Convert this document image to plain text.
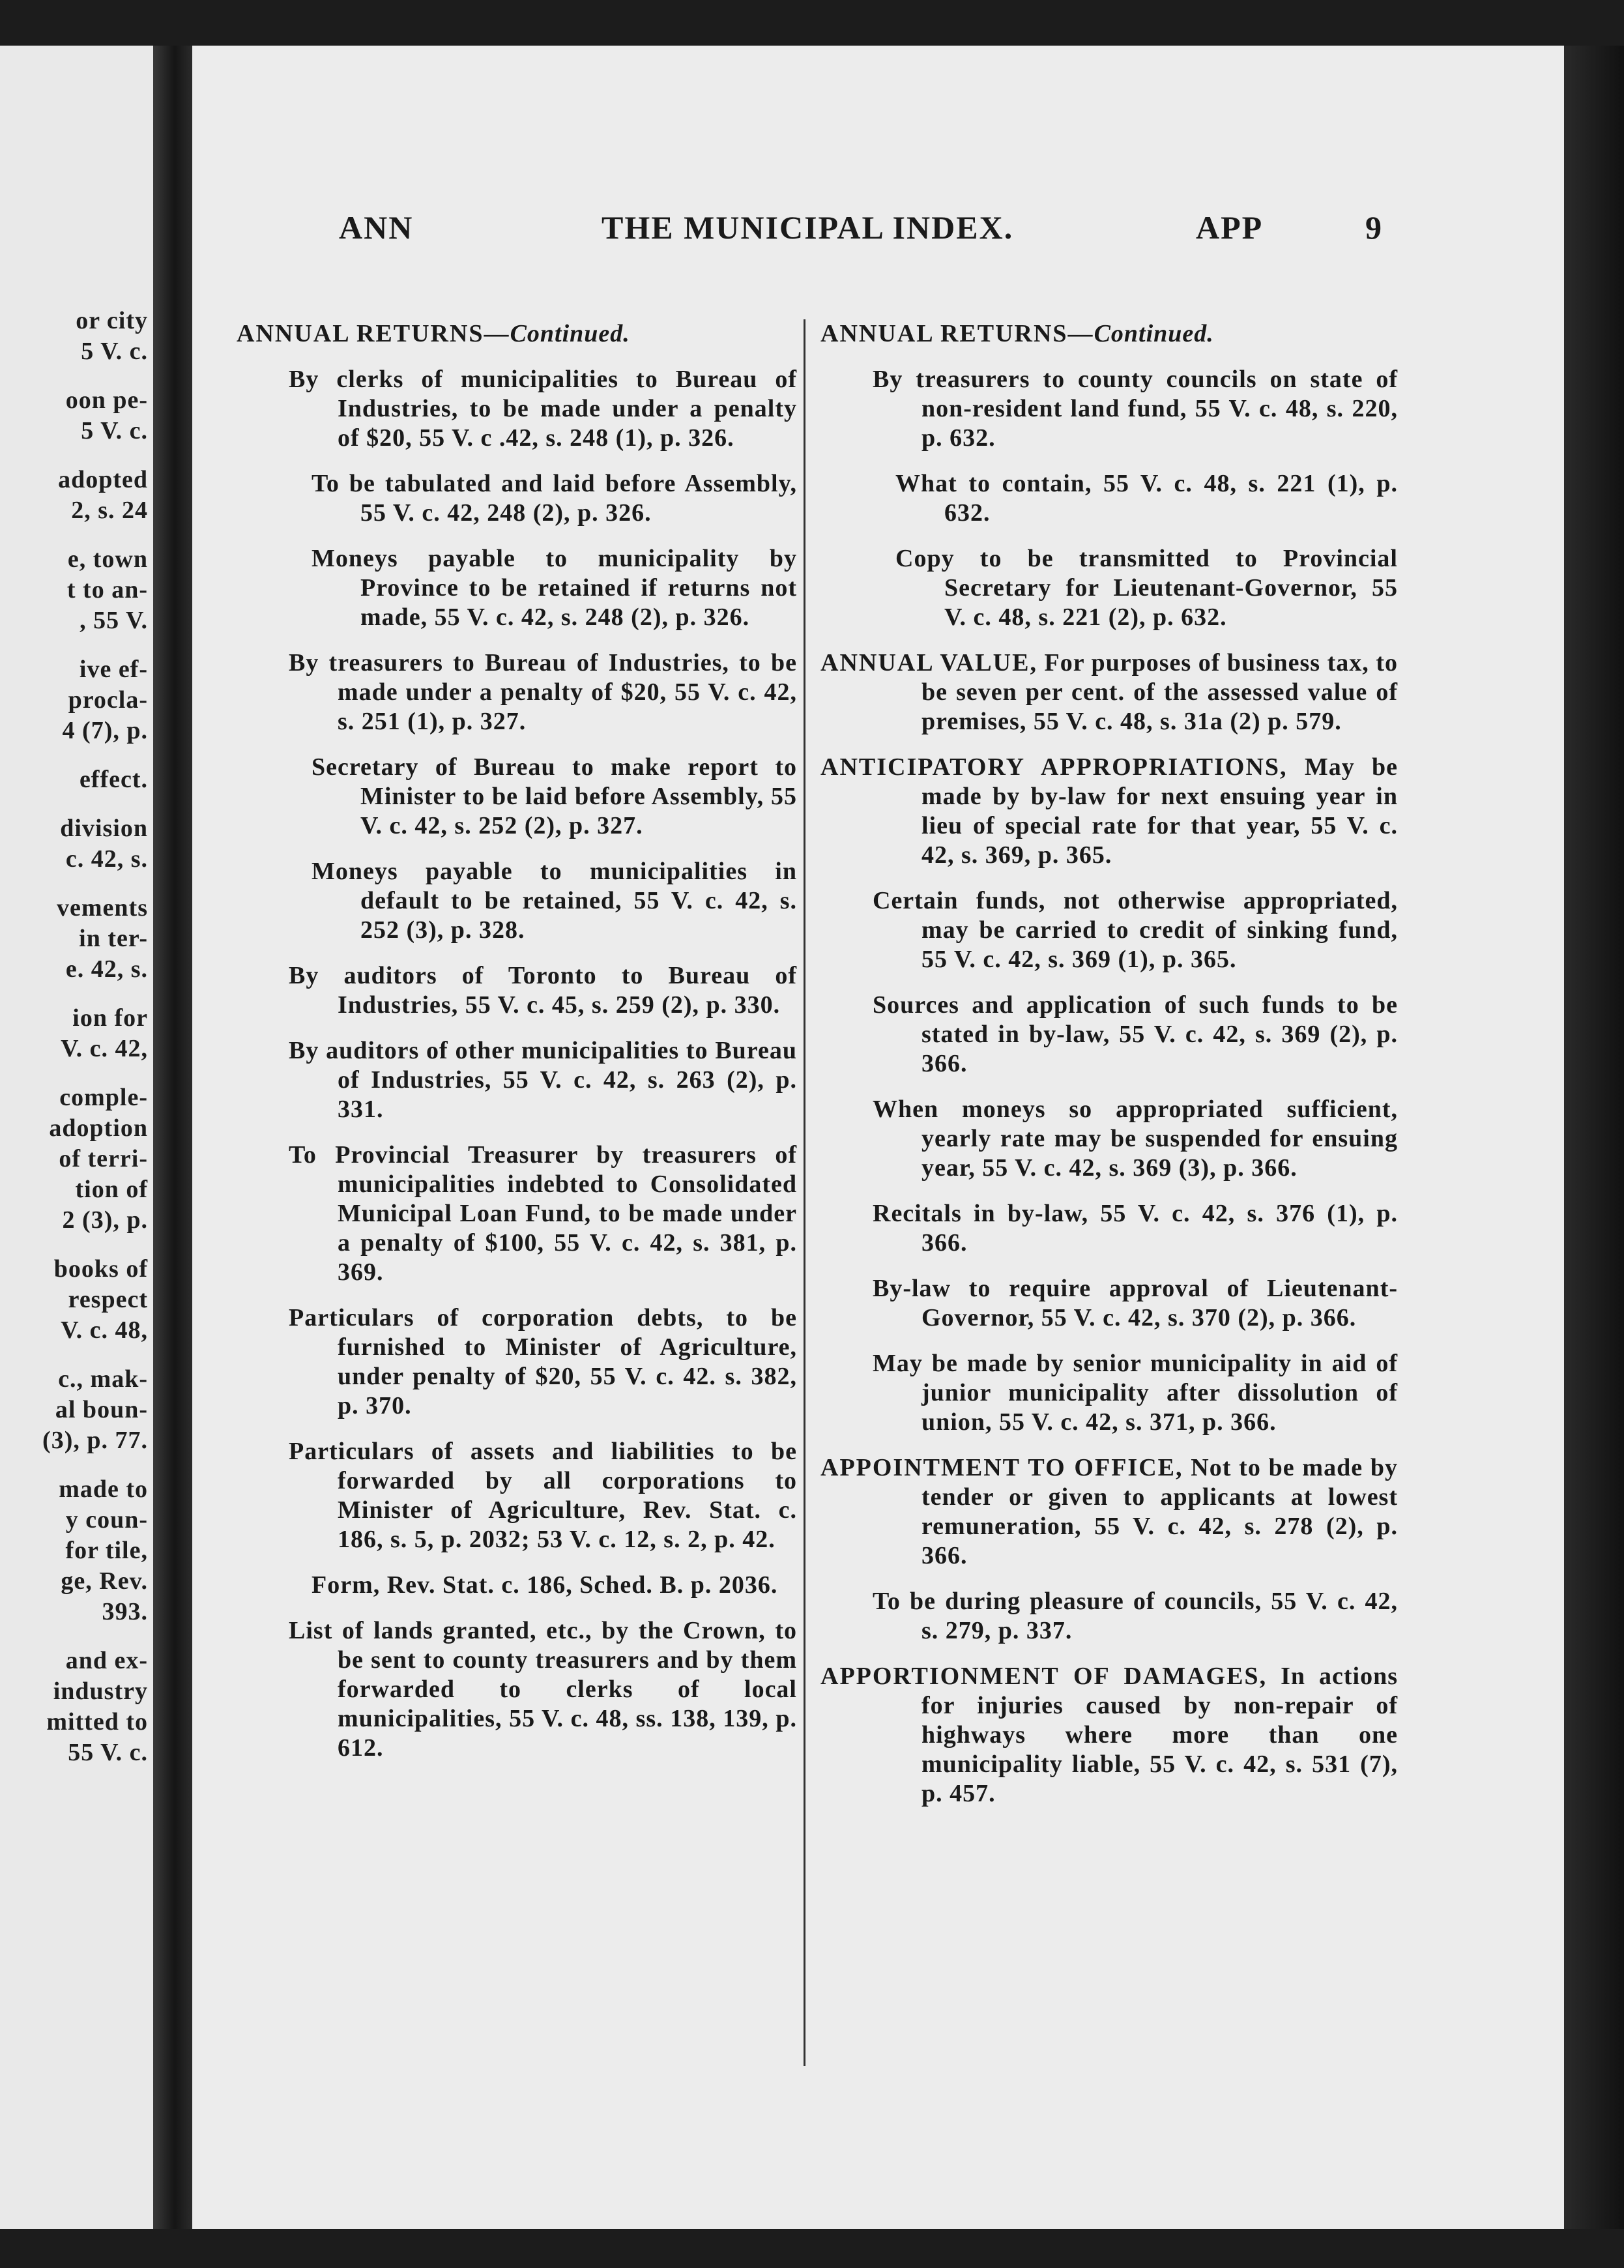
or city
5 V. c.
oon pe-
5 V. c.
adopted
2, s. 24
e, town
t to an-
, 55 V.
ive ef-
procla-
4 (7), p.
effect.
division
c. 42, s.
vements
in ter-
e. 42, s.
ion for
V. c. 42,
comple-
adoption
of terri-
tion of
2 (3), p.
books of
respect
V. c. 48,
c., mak-
al boun-
(3), p. 77.
made to
y coun-
for tile,
ge, Rev.
393.
and ex-
industry
mitted to
55 V. c.
ANN	THE MUNICIPAL INDEX.	APP	9
ANNUAL RETURNS—Continued.
By clerks of municipalities to Bureau of Industries, to be made under a penalty of $20, 55 V. c .42, s. 248 (1), p. 326.
To be tabulated and laid before Assembly, 55 V. c. 42, 248 (2), p. 326.
Moneys payable to municipality by Province to be retained if returns not made, 55 V. c. 42, s. 248 (2), p. 326.
By treasurers to Bureau of Industries, to be made under a penalty of $20, 55 V. c. 42, s. 251 (1), p. 327.
Secretary of Bureau to make report to Minister to be laid before Assembly, 55 V. c. 42, s. 252 (2), p. 327.
Moneys payable to municipalities in default to be retained, 55 V. c. 42, s. 252 (3), p. 328.
By auditors of Toronto to Bureau of Industries, 55 V. c. 45, s. 259 (2), p. 330.
By auditors of other municipalities to Bureau of Industries, 55 V. c. 42, s. 263 (2), p. 331.
To Provincial Treasurer by treasurers of municipalities indebted to Consolidated Municipal Loan Fund, to be made under a penalty of $100, 55 V. c. 42, s. 381, p. 369.
Particulars of corporation debts, to be furnished to Minister of Agriculture, under penalty of $20, 55 V. c. 42. s. 382, p. 370.
Particulars of assets and liabilities to be forwarded by all corporations to Minister of Agriculture, Rev. Stat. c. 186, s. 5, p. 2032; 53 V. c. 12, s. 2, p. 42.
Form, Rev. Stat. c. 186, Sched. B. p. 2036.
List of lands granted, etc., by the Crown, to be sent to county treasurers and by them forwarded to clerks of local municipalities, 55 V. c. 48, ss. 138, 139, p. 612.
ANNUAL RETURNS—Continued.
By treasurers to county councils on state of non-resident land fund, 55 V. c. 48, s. 220, p. 632.
What to contain, 55 V. c. 48, s. 221 (1), p. 632.
Copy to be transmitted to Provincial Secretary for Lieutenant-Governor, 55 V. c. 48, s. 221 (2), p. 632.
ANNUAL VALUE, For purposes of business tax, to be seven per cent. of the assessed value of premises, 55 V. c. 48, s. 31a (2) p. 579.
ANTICIPATORY APPROPRIATIONS, May be made by by-law for next ensuing year in lieu of special rate for that year, 55 V. c. 42, s. 369, p. 365.
Certain funds, not otherwise appropriated, may be carried to credit of sinking fund, 55 V. c. 42, s. 369 (1), p. 365.
Sources and application of such funds to be stated in by-law, 55 V. c. 42, s. 369 (2), p. 366.
When moneys so appropriated sufficient, yearly rate may be suspended for ensuing year, 55 V. c. 42, s. 369 (3), p. 366.
Recitals in by-law, 55 V. c. 42, s. 376 (1), p. 366.
By-law to require approval of Lieutenant-Governor, 55 V. c. 42, s. 370 (2), p. 366.
May be made by senior municipality in aid of junior municipality after dissolution of union, 55 V. c. 42, s. 371, p. 366.
APPOINTMENT TO OFFICE, Not to be made by tender or given to applicants at lowest remuneration, 55 V. c. 42, s. 278 (2), p. 366.
To be during pleasure of councils, 55 V. c. 42, s. 279, p. 337.
APPORTIONMENT OF DAMAGES, In actions for injuries caused by non-repair of highways where more than one municipality liable, 55 V. c. 42, s. 531 (7), p. 457.
